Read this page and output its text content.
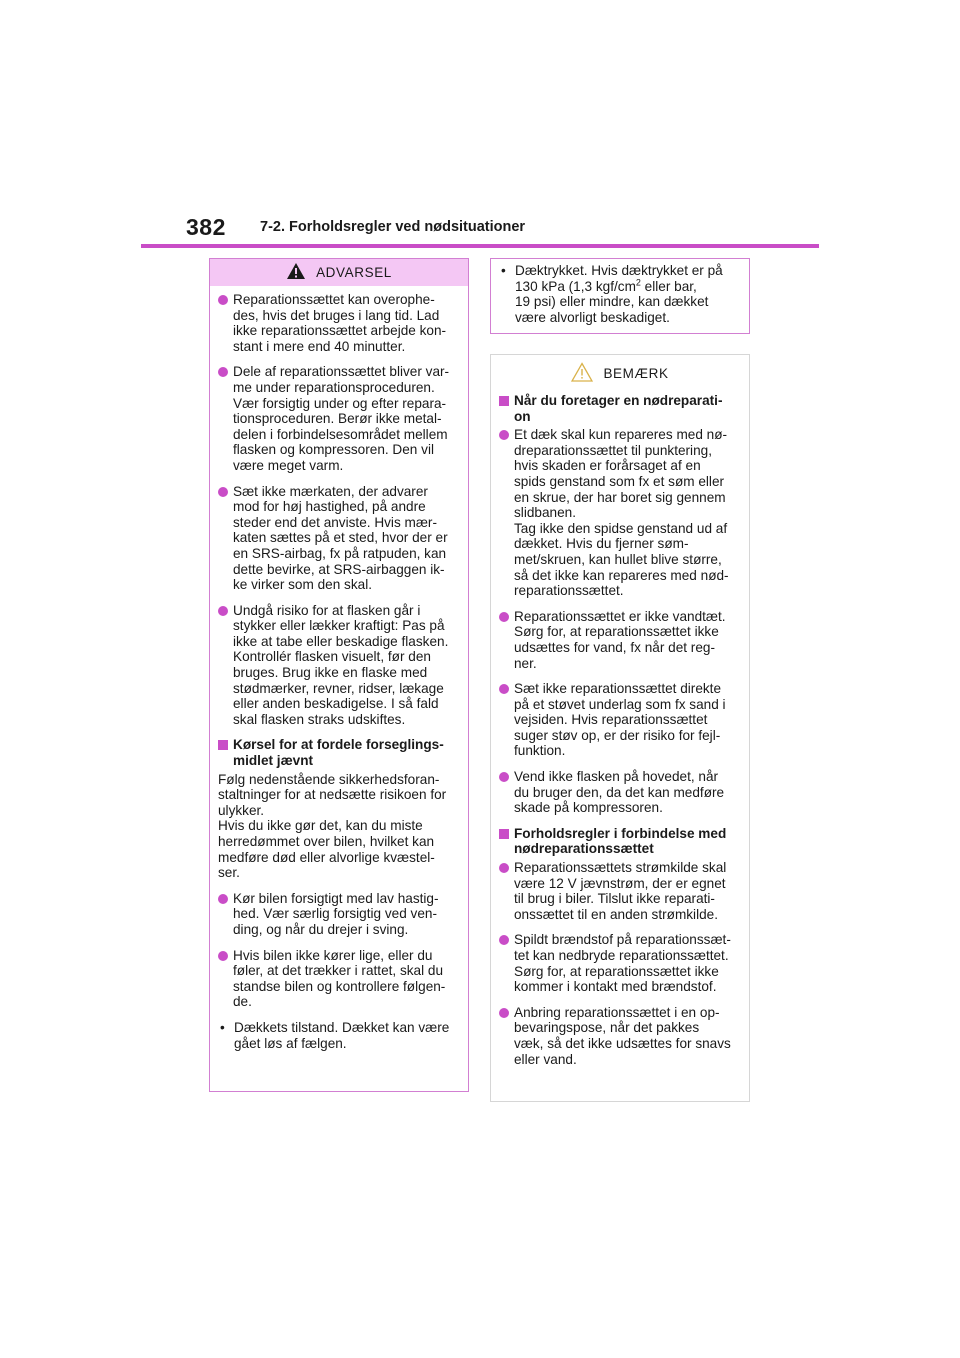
382 7-2. Forholdsregler ved nødsituationer
ADVARSEL
Reparationssættet kan overophe-
des, hvis det bruges i lang tid. Lad
ikke reparationssættet arbejde kon-
stant i mere end 40 minutter.
Dele af reparationssættet bliver var-
me under reparationsproceduren.
Vær forsigtig under og efter repara-
tionsproceduren. Berør ikke metal-
delen i forbindelsesområdet mellem
flasken og kompressoren. Den vil
være meget varm.
Sæt ikke mærkaten, der advarer
mod for høj hastighed, på andre
steder end det anviste. Hvis mær-
katen sættes på et sted, hvor der er
en SRS-airbag, fx på ratpuden, kan
dette bevirke, at SRS-airbaggen ik-
ke virker som den skal.
Undgå risiko for at flasken går i
stykker eller lækker kraftigt: Pas på
ikke at tabe eller beskadige flasken.
Kontrollér flasken visuelt, før den
bruges. Brug ikke en flaske med
stødmærker, revner, ridser, lækage
eller anden beskadigelse. I så fald
skal flasken straks udskiftes.
Kørsel for at fordele forseglings-
midlet jævnt
Følg nedenstående sikkerhedsforan-
staltninger for at nedsætte risikoen for
ulykker.
Hvis du ikke gør det, kan du miste
herredømmet over bilen, hvilket kan
medføre død eller alvorlige kvæstel-
ser.
Kør bilen forsigtigt med lav hastig-
hed. Vær særlig forsigtig ved ven-
ding, og når du drejer i sving.
Hvis bilen ikke kører lige, eller du
føler, at det trækker i rattet, skal du
standse bilen og kontrollere følgen-
de.
• Dækkets tilstand. Dækket kan være
gået løs af fælgen.
• Dæktrykket. Hvis dæktrykket er på
130 kPa (1,3 kgf/$cm^2$ eller bar,
19 psi) eller mindre, kan dækket
være alvorligt beskadiget.
BEMÆRK
Når du foretager en nødreparati-
on
Et dæk skal kun repareres med nø-
dreparationssættet til punktering,
hvis skaden er forårsaget af en
spids genstand som fx et søm eller
en skrue, der har boret sig gennem
slidbanen.
Tag ikke den spidse genstand ud af
dækket. Hvis du fjerner søm-
met/skruen, kan hullet blive større,
så det ikke kan repareres med nød-
reparationssættet.
Reparationssættet er ikke vandtæt.
Sørg for, at reparationssættet ikke
udsættes for vand, fx når det reg-
ner.
Sæt ikke reparationssættet direkte
på et støvet underlag som fx sand i
vejsiden. Hvis reparationssættet
suger støv op, er der risiko for fejl-
funktion.
Vend ikke flasken på hovedet, når
du bruger den, da det kan medføre
skade på kompressoren.
Forholdsregler i forbindelse med
nødreparationssættet
Reparationssættets strømkilde skal
være 12 V jævnstrøm, der er egnet
til brug i biler. Tilslut ikke reparati-
onssættet til en anden strømkilde.
Spildt brændstof på reparationssæt-
tet kan nedbryde reparationssættet.
Sørg for, at reparationssættet ikke
kommer i kontakt med brændstof.
Anbring reparationssættet i en op-
bevaringspose, når det pakkes
væk, så det ikke udsættes for snavs
eller vand.
